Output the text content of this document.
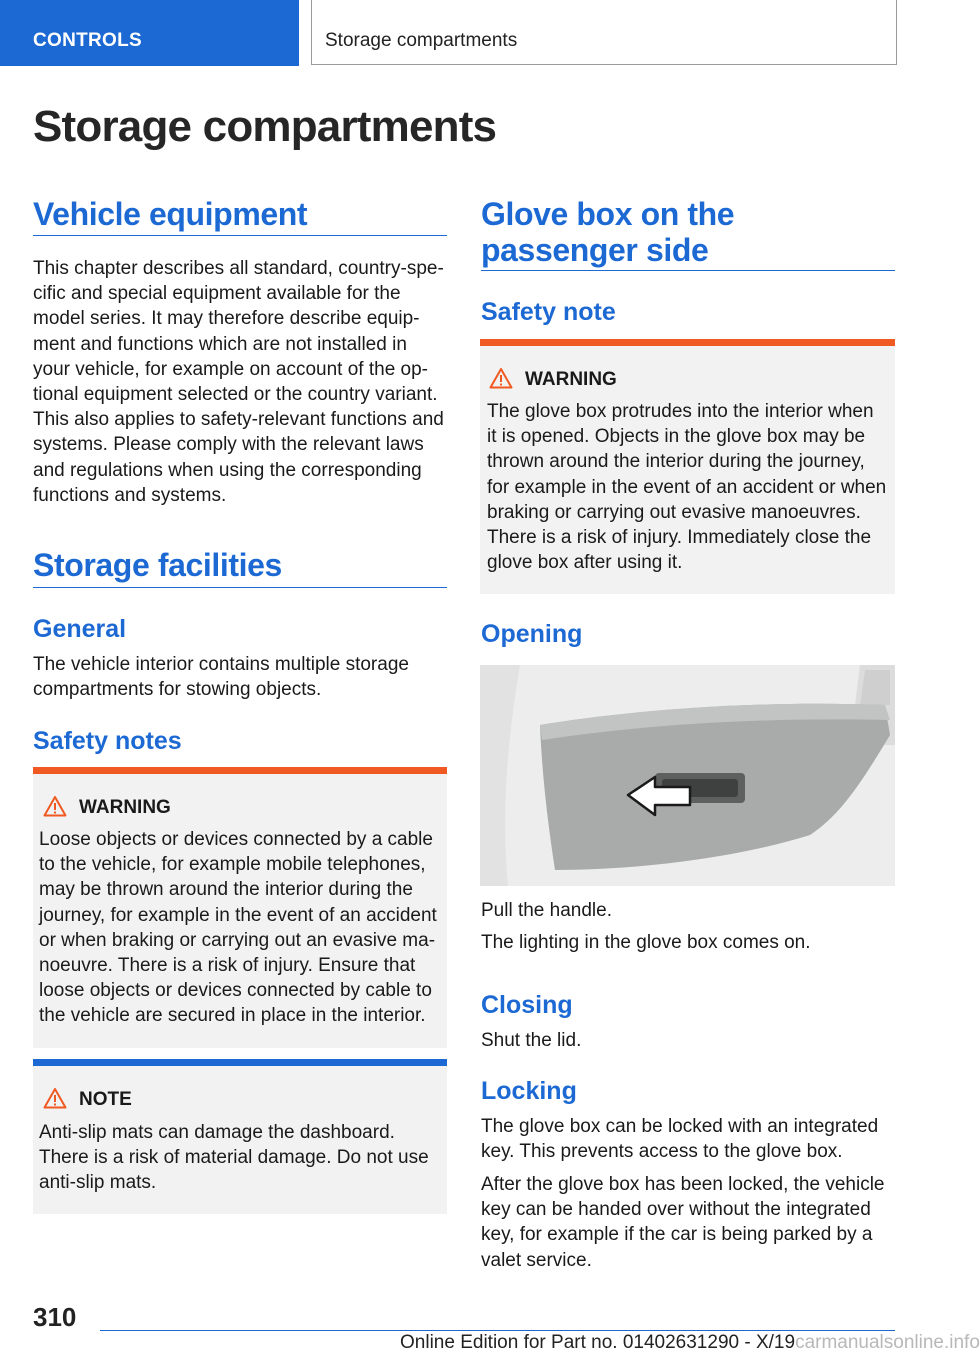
CONTROLS	Storage compartments
Storage compartments
Vehicle equipment

This chapter describes all standard, country-spe‐
cific and special equipment available for the
model series. It may therefore describe equip‐
ment and functions which are not installed in
your vehicle, for example on account of the op‐
tional equipment selected or the country variant.
This also applies to safety-relevant functions and
systems. Please comply with the relevant laws
and regulations when using the corresponding
functions and systems.

Storage facilities
General

The vehicle interior contains multiple storage
compartments for stowing objects.

Safety notes
WARNING

Loose objects or devices connected by a cable
to the vehicle, for example mobile telephones,
may be thrown around the interior during the
journey, for example in the event of an accident
or when braking or carrying out an evasive ma‐
noeuvre. There is a risk of injury. Ensure that
loose objects or devices connected by cable to
the vehicle are secured in place in the interior.

NOTE

Anti-slip mats can damage the dashboard.
There is a risk of material damage. Do not use
anti-slip mats.

Glove box on the
passenger side
Safety note
WARNING

The glove box protrudes into the interior when
it is opened. Objects in the glove box may be
thrown around the interior during the journey,
for example in the event of an accident or when
braking or carrying out evasive manoeuvres.
There is a risk of injury. Immediately close the
glove box after using it.

Opening

Pull the handle.

The lighting in the glove box comes on.

Closing

Shut the lid.

Locking

The glove box can be locked with an integrated
key. This prevents access to the glove box.

After the glove box has been locked, the vehicle
key can be handed over without the integrated
key, for example if the car is being parked by a
valet service.

310
Online Edition for Part no. 01402631290 - X/19carmanualsonline.info
